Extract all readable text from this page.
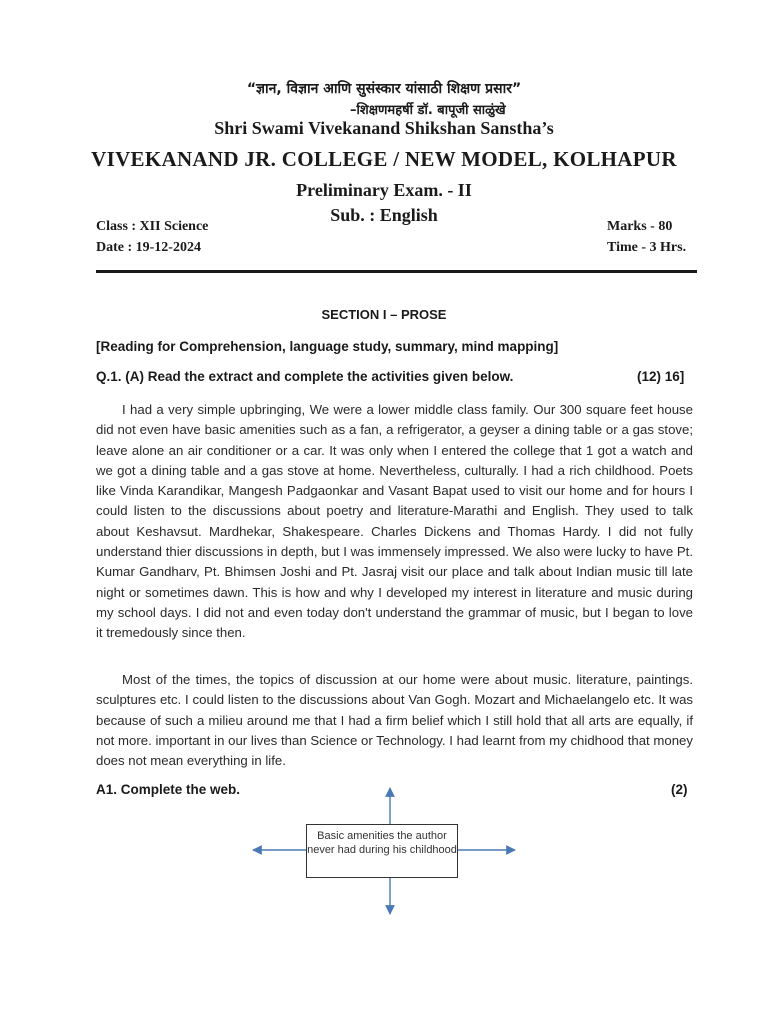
“ज्ञान, विज्ञान आणि सुसंस्कार यांसाठी शिक्षण प्रसार”
–शिक्षणमहर्षी डॉ. बापूजी साळुंखे
Shri Swami Vivekanand Shikshan Sanstha’s
VIVEKANAND JR. COLLEGE / NEW MODEL, KOLHAPUR
Preliminary Exam. - II
Sub. : English
Class : XII Science
Date : 19-12-2024
Marks - 80
Time - 3 Hrs.
SECTION I – PROSE
[Reading for Comprehension, language study, summary, mind mapping]
Q.1. (A) Read the extract and complete the activities given below.	(12) 16]
I had a very simple upbringing, We were a lower middle class family. Our 300 square feet house did not even have basic amenities such as a fan, a refrigerator, a geyser a dining table or a gas stove; leave alone an air conditioner or a car. It was only when I entered the college that 1 got a watch and we got a dining table and a gas stove at home. Nevertheless, culturally. I had a rich childhood. Poets like Vinda Karandikar, Mangesh Padgaonkar and Vasant Bapat used to visit our home and for hours I could listen to the discussions about poetry and literature-Marathi and English. They used to talk about Keshavsut. Mardhekar, Shakespeare. Charles Dickens and Thomas Hardy. I did not fully understand thier discussions in depth, but I was immensely impressed. We also were lucky to have Pt. Kumar Gandharv, Pt. Bhimsen Joshi and Pt. Jasraj visit our place and talk about Indian music till late night or sometimes dawn. This is how and why I developed my interest in literature and music during my school days. I did not and even today don't understand the grammar of music, but I began to love it tremedously since then.
Most of the times, the topics of discussion at our home were about music. literature, paintings. sculptures etc. I could listen to the discussions about Van Gogh. Mozart and Michaelangelo etc. It was because of such a milieu around me that I had a firm belief which I still hold that all arts are equally, if not more. important in our lives than Science or Technology. I had learnt from my chidhood that money does not mean everything in life.
A1. Complete the web.	(2)
Basic amenities the author never had during his childhood
